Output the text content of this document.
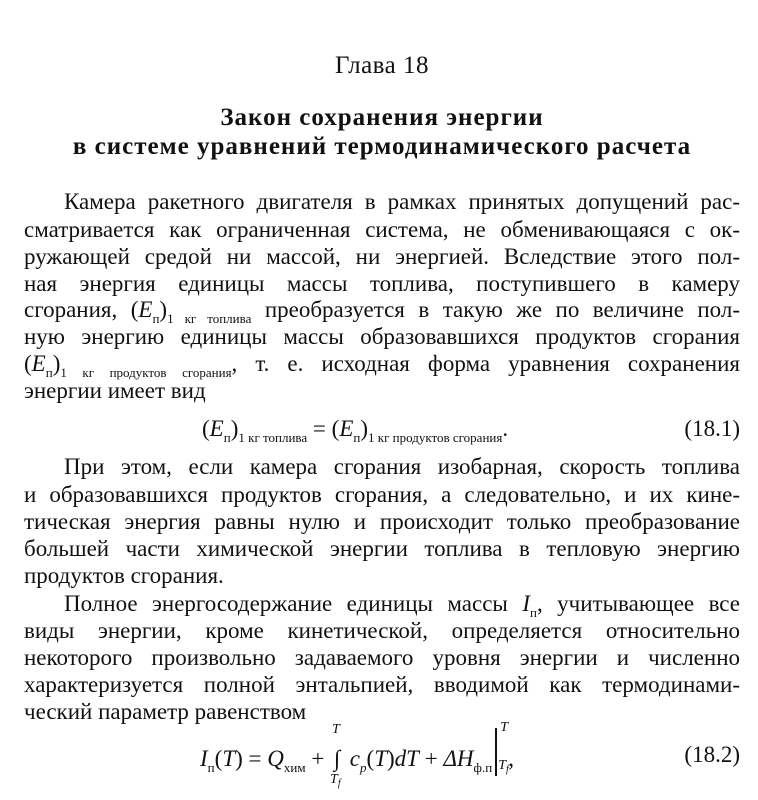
Глава 18
Закон сохранения энергии
в системе уравнений термодинамического расчета
Камера ракетного двигателя в рамках принятых допущений рас-
сматривается как ограниченная система, не обменивающаяся с ок-
ружающей средой ни массой, ни энергией. Вследствие этого пол-
ная энергия единицы массы топлива, поступившего в камеру
сгорания, $(E_п)_{1 кг топлива}$ преобразуется в такую же по величине пол-
ную энергию единицы массы образовавшихся продуктов сгорания
$(E_п)_{1 кг продуктов сгорания}$, т. е. исходная форма уравнения сохранения
энергии имеет вид
$(E_п)_{1 кг топлива} = (E_п)_{1 кг продуктов сгорания}$.	(18.1)
При этом, если камера сгорания изобарная, скорость топлива
и образовавшихся продуктов сгорания, а следовательно, и их кине-
тическая энергия равны нулю и происходит только преобразование
большей части химической энергии топлива в тепловую энергию
продуктов сгорания.
Полное энергосодержание единицы массы $I_п$, учитывающее все
виды энергии, кроме кинетической, определяется относительно
некоторого произвольно задаваемого уровня энергии и численно
характеризуется полной энтальпией, вводимой как термодинами-
ческий параметр равенством
$I_п(T) = Q_{хим}$ + ∫
T
$T_f$
$c_p(T)dT + \Delta H_{ф.п}$
T
$T_f$ ,	(18.2)
